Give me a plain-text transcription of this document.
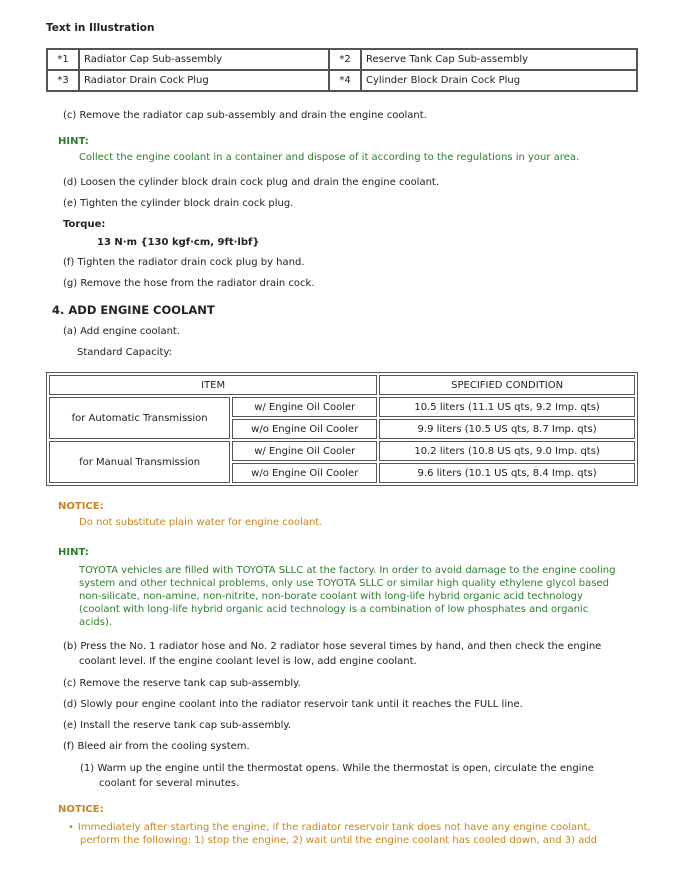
Text in Illustration
*1	Radiator Cap Sub-assembly	*2	Reserve Tank Cap Sub-assembly
*3	Radiator Drain Cock Plug	*4	Cylinder Block Drain Cock Plug
(c) Remove the radiator cap sub-assembly and drain the engine coolant.
HINT:
Collect the engine coolant in a container and dispose of it according to the regulations in your area.
(d) Loosen the cylinder block drain cock plug and drain the engine coolant.
(e) Tighten the cylinder block drain cock plug.
Torque:
13 N·m {130 kgf·cm, 9ft·lbf}
(f) Tighten the radiator drain cock plug by hand.
(g) Remove the hose from the radiator drain cock.
4. ADD ENGINE COOLANT
(a) Add engine coolant.
Standard Capacity:
ITEM		SPECIFIED CONDITION
for Automatic Transmission	w/ Engine Oil Cooler	10.5 liters (11.1 US qts, 9.2 Imp. qts)
	w/o Engine Oil Cooler	9.9 liters (10.5 US qts, 8.7 Imp. qts)
for Manual Transmission	w/ Engine Oil Cooler	10.2 liters (10.8 US qts, 9.0 Imp. qts)
	w/o Engine Oil Cooler	9.6 liters (10.1 US qts, 8.4 Imp. qts)
NOTICE:
Do not substitute plain water for engine coolant.
HINT:
TOYOTA vehicles are filled with TOYOTA SLLC at the factory. In order to avoid damage to the engine cooling
system and other technical problems, only use TOYOTA SLLC or similar high quality ethylene glycol based
non-silicate, non-amine, non-nitrite, non-borate coolant with long-life hybrid organic acid technology
(coolant with long-life hybrid organic acid technology is a combination of low phosphates and organic
acids).
(b) Press the No. 1 radiator hose and No. 2 radiator hose several times by hand, and then check the engine
coolant level. If the engine coolant level is low, add engine coolant.
(c) Remove the reserve tank cap sub-assembly.
(d) Slowly pour engine coolant into the radiator reservoir tank until it reaches the FULL line.
(e) Install the reserve tank cap sub-assembly.
(f) Bleed air from the cooling system.
(1) Warm up the engine until the thermostat opens. While the thermostat is open, circulate the engine
coolant for several minutes.
NOTICE:
• Immediately after starting the engine, if the radiator reservoir tank does not have any engine coolant,
perform the following: 1) stop the engine, 2) wait until the engine coolant has cooled down, and 3) add
